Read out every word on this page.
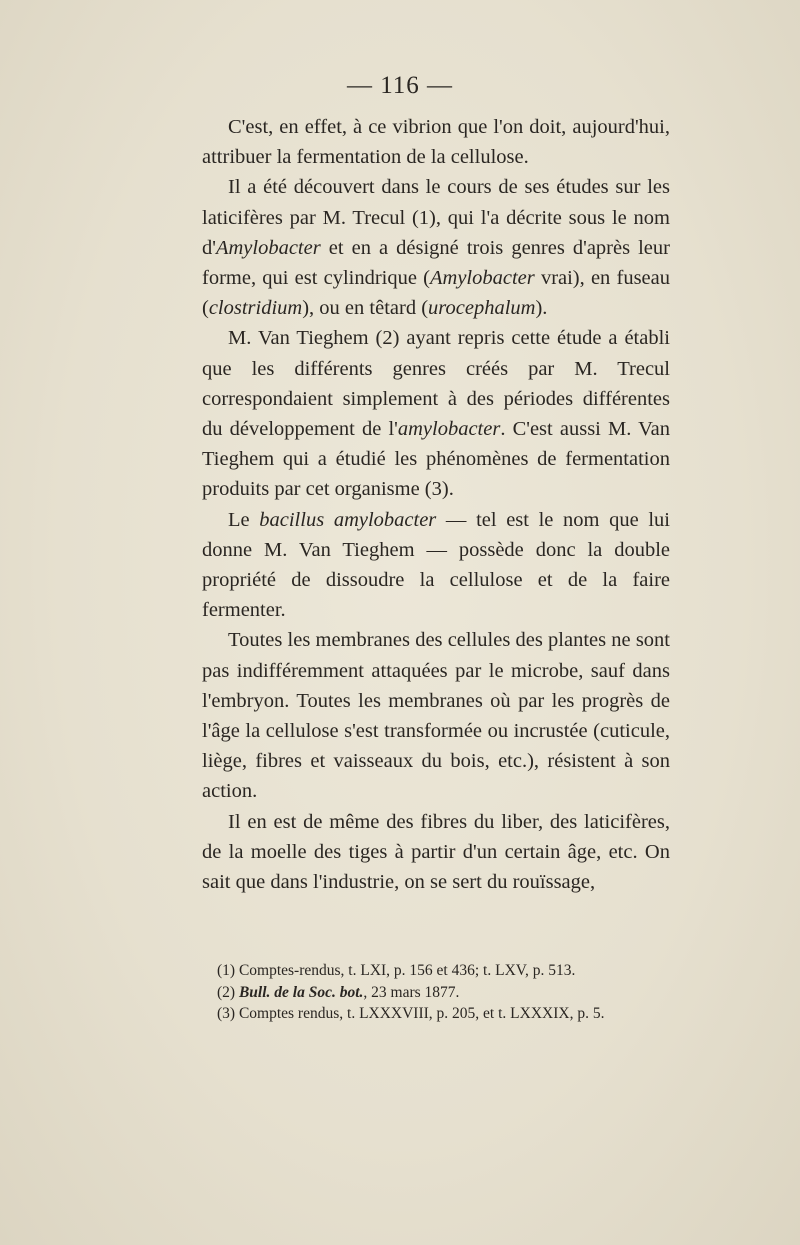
— 116 —

C'est, en effet, à ce vibrion que l'on doit, aujourd'hui, attribuer la fermentation de la cellulose.

Il a été découvert dans le cours de ses études sur les laticifères par M. Trecul (1), qui l'a décrite sous le nom d'Amylobacter et en a désigné trois genres d'après leur forme, qui est cylindrique (Amylobacter vrai), en fuseau (clostridium), ou en têtard (urocephalum).

M. Van Tieghem (2) ayant repris cette étude a établi que les différents genres créés par M. Trecul correspondaient simplement à des périodes différentes du développement de l'amylobacter. C'est aussi M. Van Tieghem qui a étudié les phénomènes de fermentation produits par cet organisme (3).

Le bacillus amylobacter — tel est le nom que lui donne M. Van Tieghem — possède donc la double propriété de dissoudre la cellulose et de la faire fermenter.

Toutes les membranes des cellules des plantes ne sont pas indifféremment attaquées par le microbe, sauf dans l'embryon. Toutes les membranes où par les progrès de l'âge la cellulose s'est transformée ou incrustée (cuticule, liège, fibres et vaisseaux du bois, etc.), résistent à son action.

Il en est de même des fibres du liber, des laticifères, de la moelle des tiges à partir d'un certain âge, etc. On sait que dans l'industrie, on se sert du rouïssage,

(1) Comptes-rendus, t. LXI, p. 156 et 436; t. LXV, p. 513.

(2) Bull. de la Soc. bot., 23 mars 1877.

(3) Comptes rendus, t. LXXXVIII, p. 205, et t. LXXXIX, p. 5.
